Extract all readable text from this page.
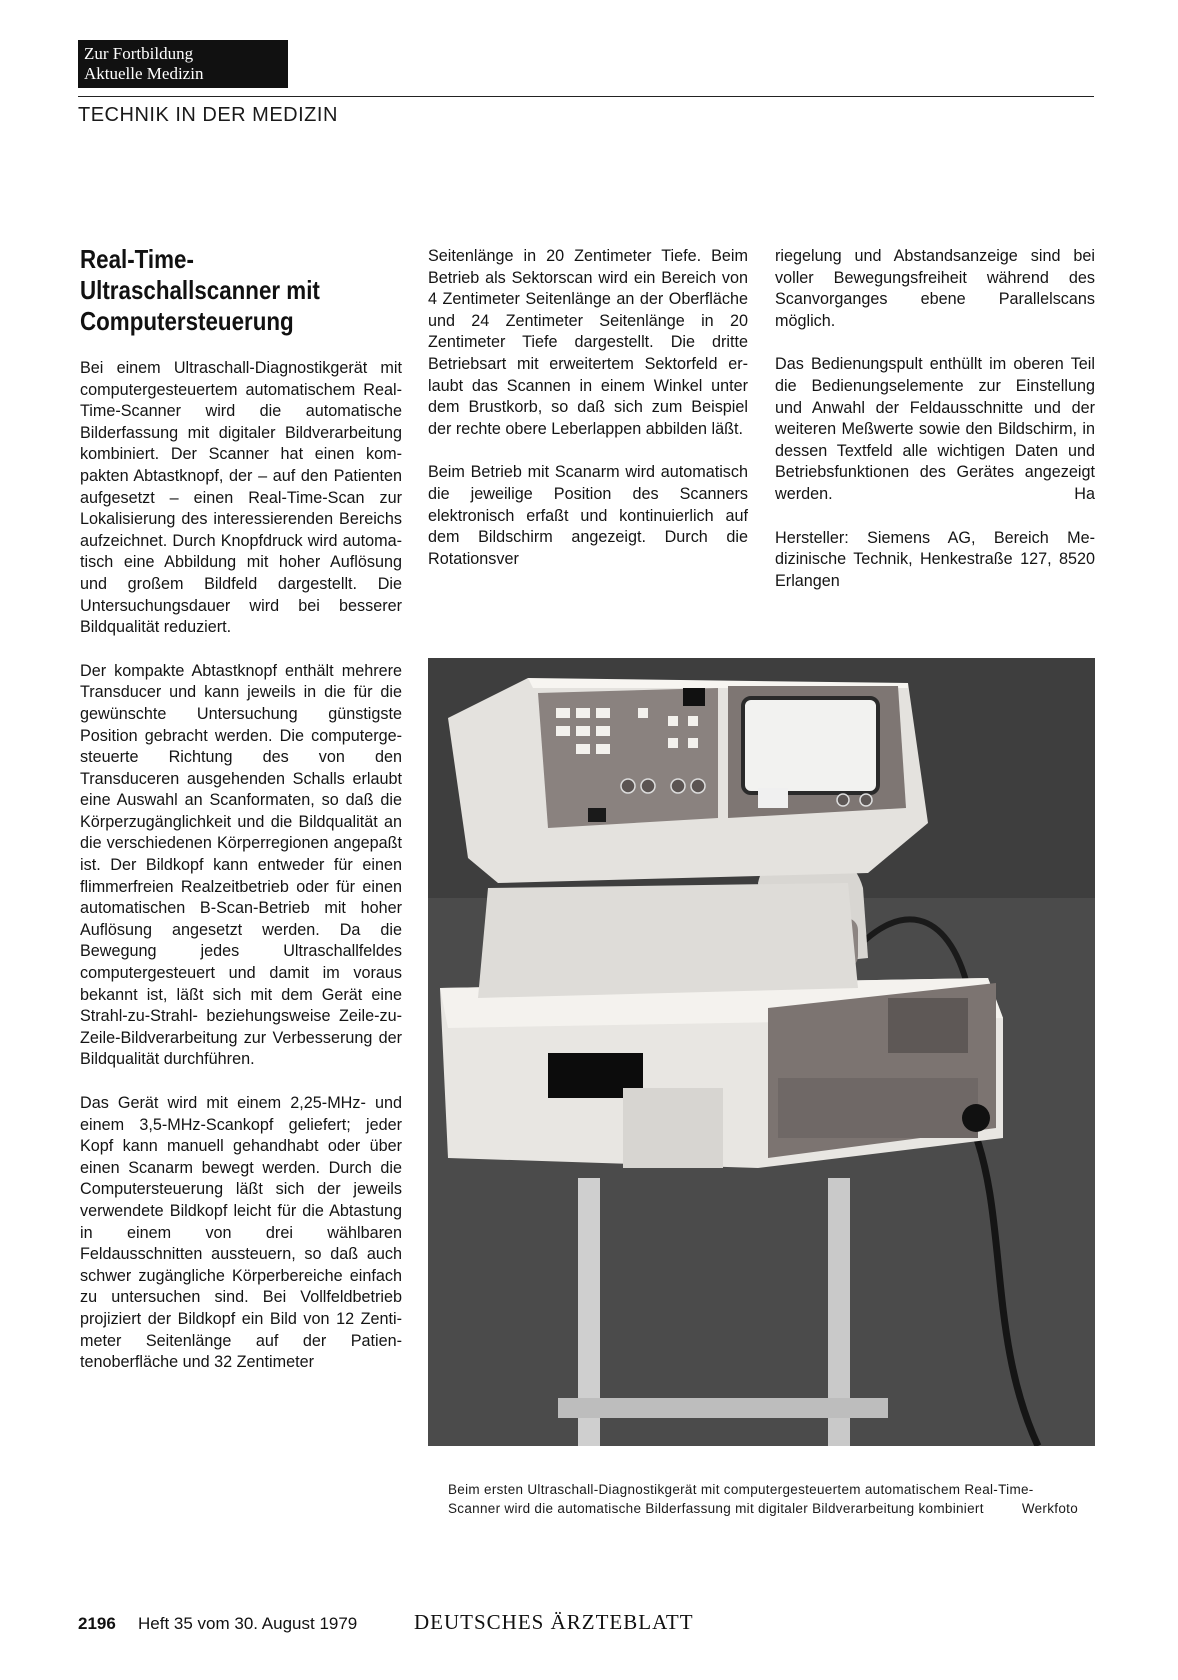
Zur Fortbildung
Aktuelle Medizin
TECHNIK IN DER MEDIZIN
Real-Time-
Ultraschallscanner mit
Computersteuerung

Bei einem Ultraschall-Diagnostikgerät mit computergesteuertem automatischem Real-Time-Scanner wird die automatische Bilderfassung mit digitaler Bildverarbeitung kombiniert. Der Scanner hat einen kompakten Abtastknopf, der – auf den Patienten aufgesetzt – einen Real-Time-Scan zur Lokalisierung des interessierenden Bereichs aufzeichnet. Durch Knopfdruck wird automatisch eine Abbildung mit hoher Auflösung und großem Bildfeld dargestellt. Die Untersuchungsdauer wird bei besserer Bildqualität reduziert.

Der kompakte Abtastknopf enthält mehrere Transducer und kann jeweils in die für die gewünschte Untersuchung günstigste Position gebracht werden. Die computergesteuerte Richtung des von den Transduceren ausgehenden Schalls erlaubt eine Auswahl an Scanformaten, so daß die Körperzugänglichkeit und die Bildqualität an die verschiedenen Körperregionen angepaßt ist. Der Bildkopf kann entweder für einen flimmerfreien Realzeitbetrieb oder für einen automatischen B-Scan-Betrieb mit hoher Auflösung angesetzt werden. Da die Bewegung jedes Ultraschallfeldes computergesteuert und damit im voraus bekannt ist, läßt sich mit dem Gerät eine Strahl-zu-Strahl- beziehungsweise Zeile-zu-Zeile-Bildverarbeitung zur Verbesserung der Bildqualität durchführen.

Das Gerät wird mit einem 2,25-MHz- und einem 3,5-MHz-Scankopf geliefert; jeder Kopf kann manuell gehandhabt oder über einen Scanarm bewegt werden. Durch die Computersteuerung läßt sich der jeweils verwendete Bildkopf leicht für die Abtastung in einem von drei wählbaren Feldausschnitten aussteuern, so daß auch schwer zugängliche Körperbereiche einfach zu untersuchen sind. Bei Vollfeldbetrieb projiziert der Bildkopf ein Bild von 12 Zentimeter Seitenlänge auf der Patientenoberfläche und 32 Zentimeter

Seitenlänge in 20 Zentimeter Tiefe. Beim Betrieb als Sektorscan wird ein Bereich von 4 Zentimeter Seitenlänge an der Oberfläche und 24 Zentimeter Seitenlänge in 20 Zentimeter Tiefe dargestellt. Die dritte Betriebsart mit erweitertem Sektorfeld erlaubt das Scannen in einem Winkel unter dem Brustkorb, so daß sich zum Beispiel der rechte obere Leberlappen abbilden läßt.

Beim Betrieb mit Scanarm wird automatisch die jeweilige Position des Scanners elektronisch erfaßt und kontinuierlich auf dem Bildschirm angezeigt. Durch die Rotationsver

riegelung und Abstandsanzeige sind bei voller Bewegungsfreiheit während des Scanvorganges ebene Parallelscans möglich.

Das Bedienungspult enthüllt im oberen Teil die Bedienungselemente zur Einstellung und Anwahl der Feldausschnitte und der weiteren Meßwerte sowie den Bildschirm, in dessen Textfeld alle wichtigen Daten und Betriebsfunktionen des Gerätes angezeigt werden.	Ha

Hersteller: Siemens AG, Bereich Medizinische Technik, Henkestraße 127, 8520 Erlangen

Beim ersten Ultraschall-Diagnostikgerät mit computergesteuertem automatischem Real-Time-Scanner wird die automatische Bilderfassung mit digitaler Bildverarbeitung kombiniert	Werkfoto
2196 Heft 35 vom 30. August 1979	DEUTSCHES ÄRZTEBLATT
